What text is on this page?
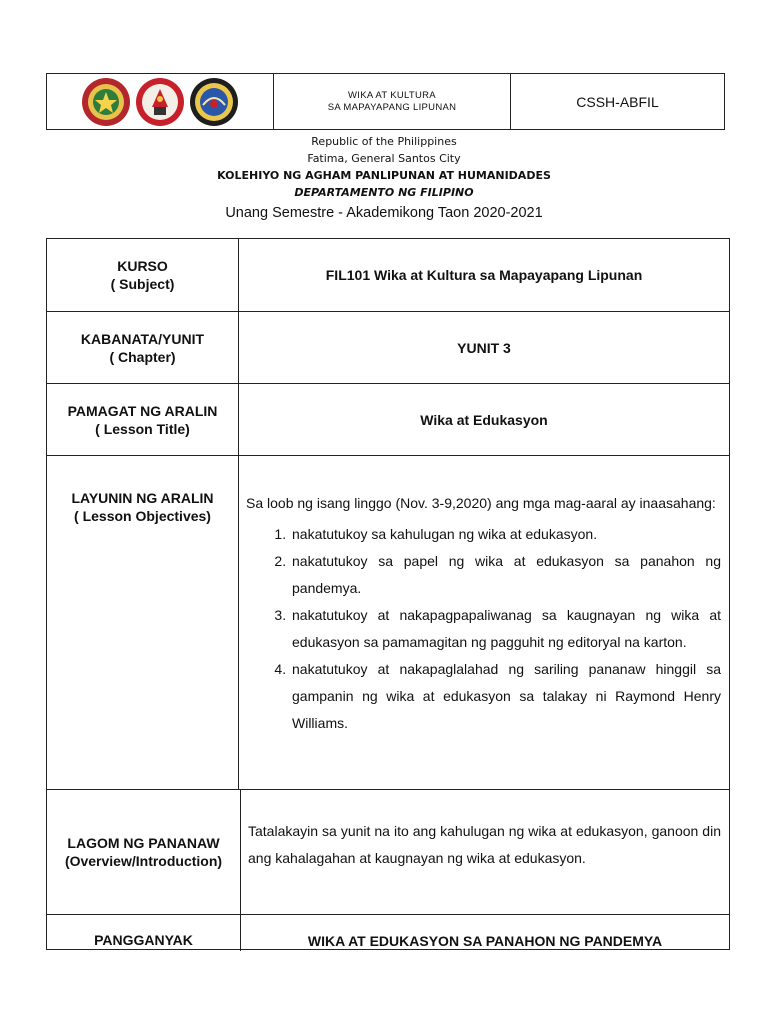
WIKA AT KULTURA
SA MAPAYAPANG LIPUNAN	CSSH-ABFIL
Republic of the Philippines
Fatima, General Santos City
KOLEHIYO NG AGHAM PANLIPUNAN AT HUMANIDADES
DEPARTAMENTO NG FILIPINO
Unang Semestre - Akademikong Taon 2020-2021
KURSO
( Subject)
FIL101 Wika at Kultura sa Mapayapang Lipunan
KABANATA/YUNIT
( Chapter)
YUNIT 3
PAMAGAT NG ARALIN
( Lesson Title)
Wika at Edukasyon
LAYUNIN NG ARALIN
( Lesson Objectives)
Sa loob ng isang linggo (Nov. 3-9,2020) ang mga mag-aaral ay inaasahang:
1. nakatutukoy sa kahulugan ng wika at edukasyon.
2. nakatutukoy sa papel ng wika at edukasyon sa panahon ng pandemya.
3. nakatutukoy at nakapagpapaliwanag sa kaugnayan ng wika at edukasyon sa pamamagitan ng pagguhit ng editoryal na karton.
4. nakatutukoy at nakapaglalahad ng sariling pananaw hinggil sa gampanin ng wika at edukasyon sa talakay ni Raymond Henry Williams.
LAGOM NG PANANAW
(Overview/Introduction)
Tatalakayin sa yunit na ito ang kahulugan ng wika at edukasyon, ganoon din ang kahalagahan at kaugnayan ng wika at edukasyon.
PANGGANYAK	WIKA AT EDUKASYON SA PANAHON NG PANDEMYA
